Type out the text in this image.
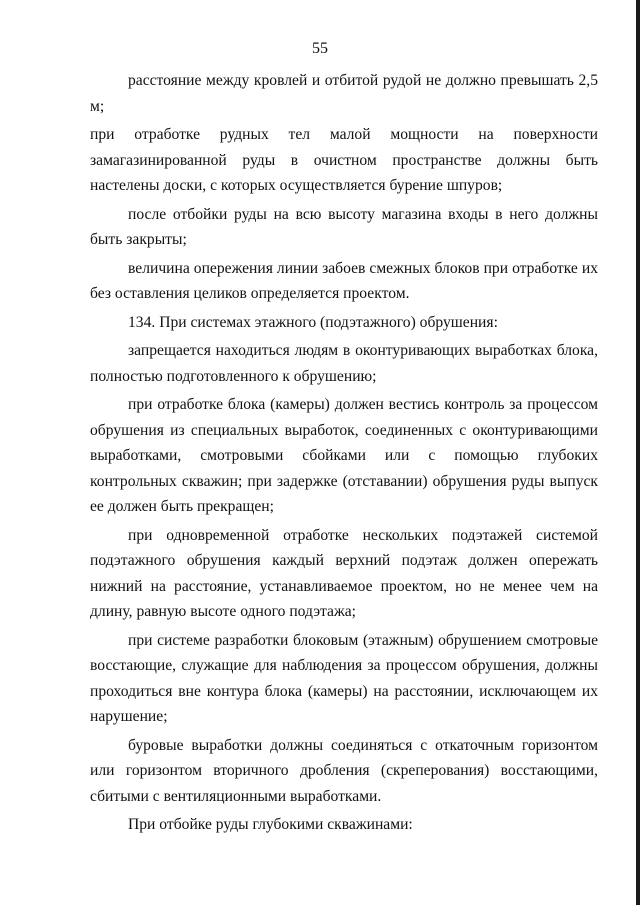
55

расстояние между кровлей и отбитой рудой не должно превышать 2,5 м;

при отработке рудных тел малой мощности на поверхности замагазинированной руды в очистном пространстве должны быть настелены доски, с которых осуществляется бурение шпуров;

после отбойки руды на всю высоту магазина входы в него должны быть закрыты;

величина опережения линии забоев смежных блоков при отработке их без оставления целиков определяется проектом.

134. При системах этажного (подэтажного) обрушения:

запрещается находиться людям в оконтуривающих выработках блока, полностью подготовленного к обрушению;

при отработке блока (камеры) должен вестись контроль за процессом обрушения из специальных выработок, соединенных с оконтуривающими выработками, смотровыми сбойками или с помощью глубоких контрольных скважин; при задержке (отставании) обрушения руды выпуск ее должен быть прекращен;

при одновременной отработке нескольких подэтажей системой подэтажного обрушения каждый верхний подэтаж должен опережать нижний на расстояние, устанавливаемое проектом, но не менее чем на длину, равную высоте одного подэтажа;

при системе разработки блоковым (этажным) обрушением смотровые восстающие, служащие для наблюдения за процессом обрушения, должны проходиться вне контура блока (камеры) на расстоянии, исключающем их нарушение;

буровые выработки должны соединяться с откаточным горизонтом или горизонтом вторичного дробления (скреперования) восстающими, сбитыми с вентиляционными выработками.

При отбойке руды глубокими скважинами:
